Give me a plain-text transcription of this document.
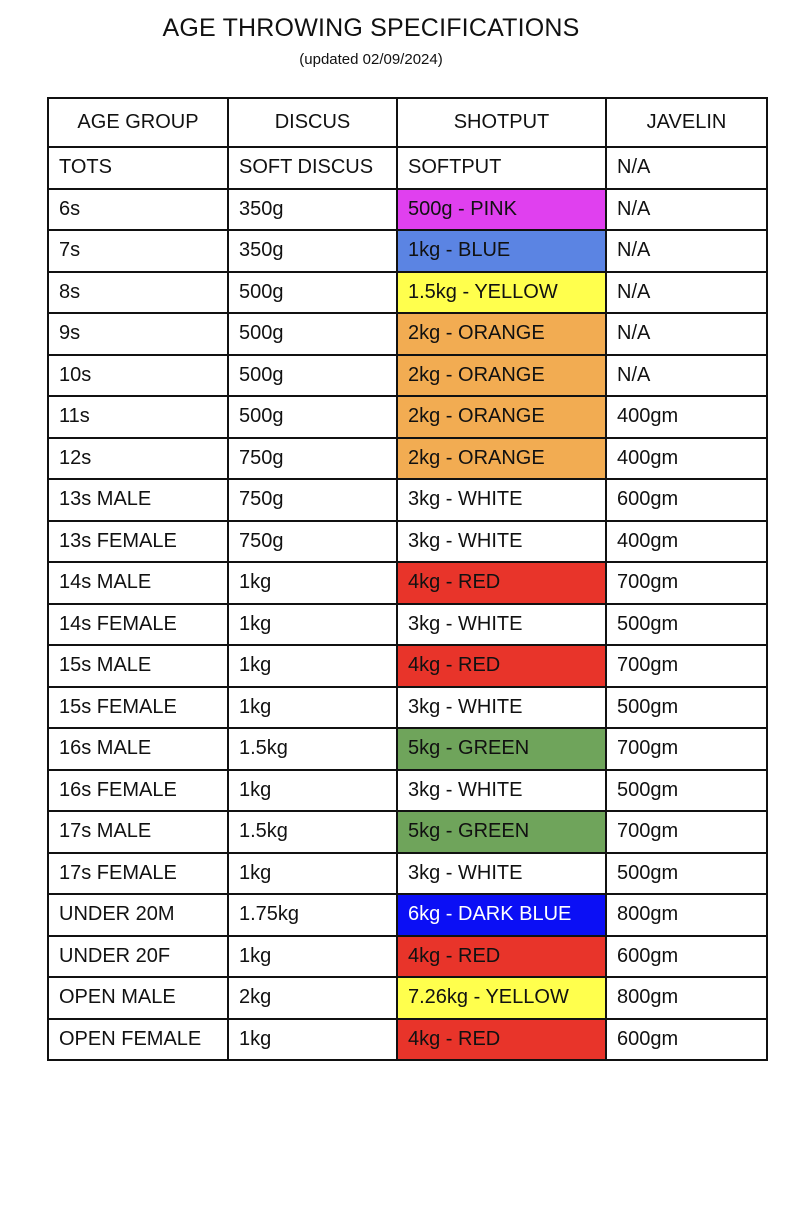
AGE THROWING SPECIFICATIONS
(updated 02/09/2024)
AGE GROUP	DISCUS	SHOTPUT	JAVELIN
TOTS	SOFT DISCUS	SOFTPUT	N/A
6s	350g	500g - PINK	N/A
7s	350g	1kg - BLUE	N/A
8s	500g	1.5kg - YELLOW	N/A
9s	500g	2kg - ORANGE	N/A
10s	500g	2kg - ORANGE	N/A
11s	500g	2kg - ORANGE	400gm
12s	750g	2kg - ORANGE	400gm
13s MALE	750g	3kg - WHITE	600gm
13s FEMALE	750g	3kg - WHITE	400gm
14s MALE	1kg	4kg - RED	700gm
14s FEMALE	1kg	3kg - WHITE	500gm
15s MALE	1kg	4kg - RED	700gm
15s FEMALE	1kg	3kg - WHITE	500gm
16s MALE	1.5kg	5kg - GREEN	700gm
16s FEMALE	1kg	3kg - WHITE	500gm
17s MALE	1.5kg	5kg - GREEN	700gm
17s FEMALE	1kg	3kg - WHITE	500gm
UNDER 20M	1.75kg	6kg - DARK BLUE	800gm
UNDER 20F	1kg	4kg - RED	600gm
OPEN MALE	2kg	7.26kg - YELLOW	800gm
OPEN FEMALE	1kg	4kg - RED	600gm
